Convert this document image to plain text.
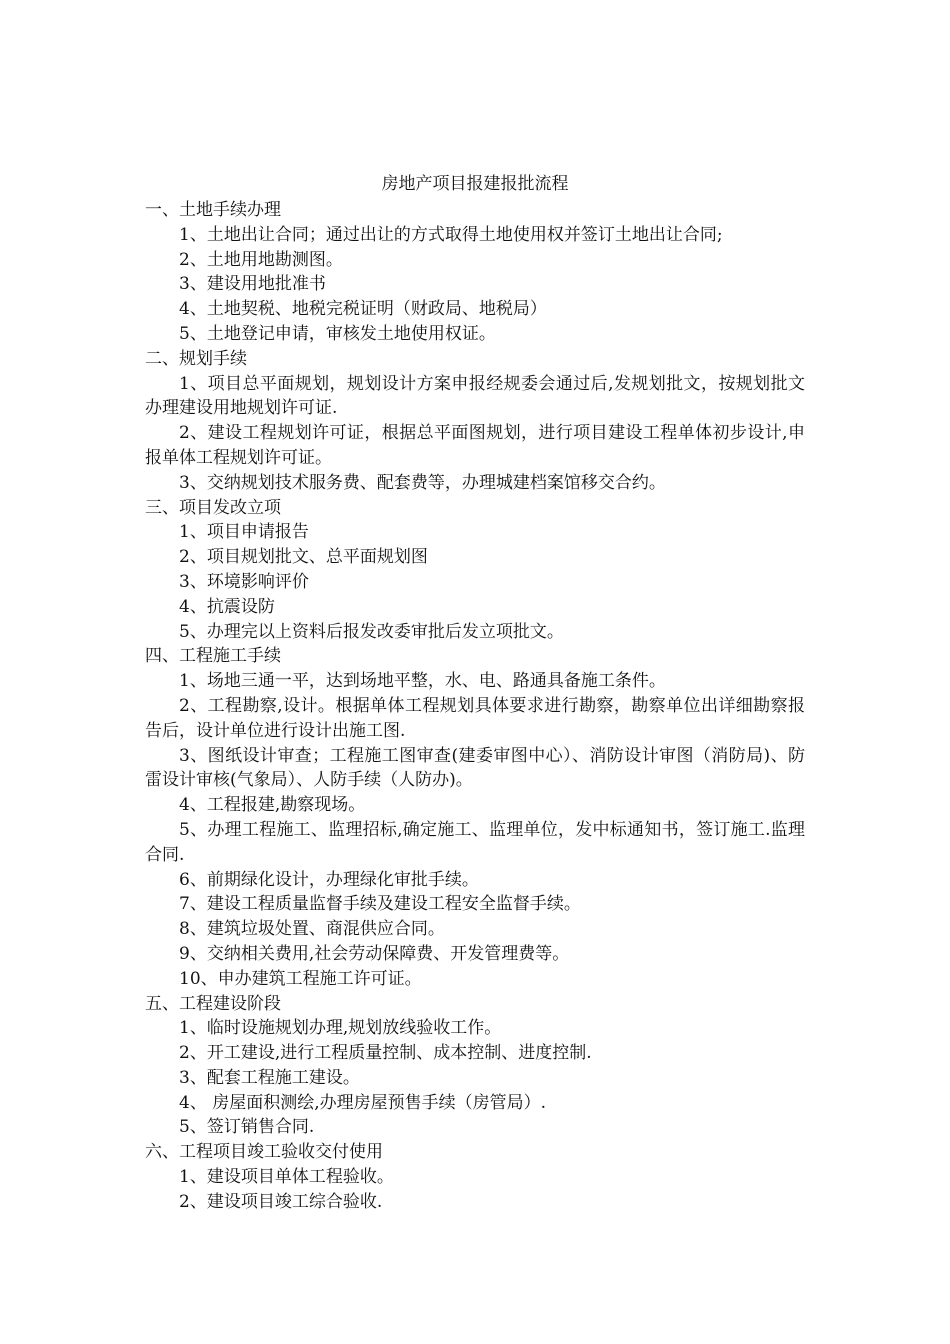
房地产项目报建报批流程

一、土地手续办理

1、土地出让合同；通过出让的方式取得土地使用权并签订土地出让合同;

2、土地用地勘测图。

3、建设用地批准书

4、土地契税、地税完税证明（财政局、地税局）

5、土地登记申请，审核发土地使用权证。

二、规划手续

1、项目总平面规划，规划设计方案申报经规委会通过后,发规划批文，按规划批文办理建设用地规划许可证.

2、建设工程规划许可证，根据总平面图规划，进行项目建设工程单体初步设计,申报单体工程规划许可证。

3、交纳规划技术服务费、配套费等，办理城建档案馆移交合约。

三、项目发改立项

1、项目申请报告

2、项目规划批文、总平面规划图

3、环境影响评价

4、抗震设防

5、办理完以上资料后报发改委审批后发立项批文。

四、工程施工手续

1、场地三通一平，达到场地平整，水、电、路通具备施工条件。

2、工程勘察,设计。根据单体工程规划具体要求进行勘察，勘察单位出详细勘察报告后，设计单位进行设计出施工图.

3、图纸设计审查；工程施工图审查(建委审图中心）、消防设计审图（消防局)、防雷设计审核(气象局）、人防手续（人防办)。

4、工程报建,勘察现场。

5、办理工程施工、监理招标,确定施工、监理单位，发中标通知书，签订施工.监理合同.

6、前期绿化设计，办理绿化审批手续。

7、建设工程质量监督手续及建设工程安全监督手续。

8、建筑垃圾处置、商混供应合同。

9、交纳相关费用,社会劳动保障费、开发管理费等。

10、申办建筑工程施工许可证。

五、工程建设阶段

1、临时设施规划办理,规划放线验收工作。

2、开工建设,进行工程质量控制、成本控制、进度控制.

3、配套工程施工建设。

4、 房屋面积测绘,办理房屋预售手续（房管局）.

5、签订销售合同.

六、工程项目竣工验收交付使用

1、建设项目单体工程验收。

2、建设项目竣工综合验收.
